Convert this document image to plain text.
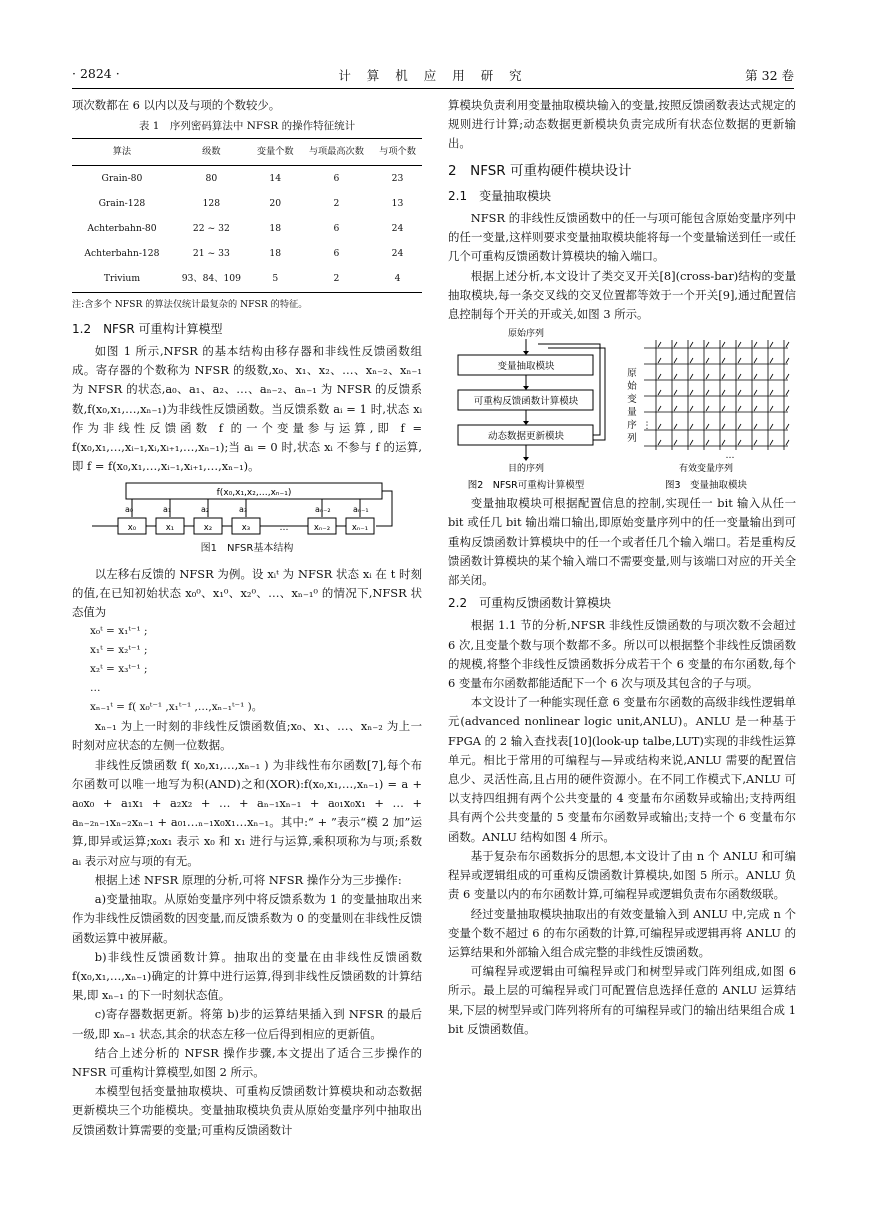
· 2824 ·	计 算 机 应 用 研 究	第 32 卷

项次数都在 6 以内以及与项的个数较少。

表 1　序列密码算法中 NFSR 的操作特征统计
算法	级数	变量个数	与项最高次数	与项个数
Grain-80	80	14	6	23
Grain-128	128	20	2	13
Achterbahn-80	22 ~ 32	18	6	24
Achterbahn-128	21 ~ 33	18	6	24
Trivium	93、84、109	5	2	4
注:含多个 NFSR 的算法仅统计最复杂的 NFSR 的特征。
1.2　NFSR 可重构计算模型

如图 1 所示,NFSR 的基本结构由移存器和非线性反馈函数组成。寄存器的个数称为 NFSR 的级数,x₀、x₁、x₂、…、xₙ₋₂、xₙ₋₁ 为 NFSR 的状态,a₀、a₁、a₂、…、aₙ₋₂、aₙ₋₁ 为 NFSR 的反馈系数,f(x₀,x₁,…,xₙ₋₁)为非线性反馈函数。当反馈系数 aᵢ = 1 时,状态 xᵢ 作为非线性反馈函数 f 的一个变量参与运算,即 f = f(x₀,x₁,…,xᵢ₋₁,xᵢ,xᵢ₊₁,…,xₙ₋₁);当 aᵢ = 0 时,状态 xᵢ 不参与 f 的运算,即 f = f(x₀,x₁,…,xᵢ₋₁,xᵢ₊₁,…,xₙ₋₁)。

f(x₀,x₁,x₂,…,xₙ₋₁)
a₀
x₀
a₁
x₁
a₂
x₂
a₃
x₃
aₙ₋₂
xₙ₋₂
aₙ₋₁
xₙ₋₁
…
图1　NFSR基本结构

以左移右反馈的 NFSR 为例。设 xᵢᵗ 为 NFSR 状态 xᵢ 在 t 时刻的值,在已知初始状态 x₀⁰、x₁⁰、x₂⁰、…、xₙ₋₁⁰ 的情况下,NFSR 状态值为

x₀ᵗ = x₁ᵗ⁻¹ ;
x₁ᵗ = x₂ᵗ⁻¹ ;
x₂ᵗ = x₃ᵗ⁻¹ ;
…
xₙ₋₁ᵗ = f( x₀ᵗ⁻¹ ,x₁ᵗ⁻¹ ,…,xₙ₋₁ᵗ⁻¹ )。

xₙ₋₁ 为上一时刻的非线性反馈函数值;x₀、x₁、…、xₙ₋₂ 为上一时刻对应状态的左侧一位数据。

非线性反馈函数 f( x₀,x₁,…,xₙ₋₁ ) 为非线性布尔函数[7],每个布尔函数可以唯一地写为积(AND)之和(XOR):f(x₀,x₁,…,xₙ₋₁) = a + a₀x₀ + a₁x₁ + a₂x₂ + … + aₙ₋₁xₙ₋₁ + a₀₁x₀x₁ + … + aₙ₋₂ₙ₋₁xₙ₋₂xₙ₋₁ + a₀₁…ₙ₋₁x₀x₁…xₙ₋₁。其中:“ + ”表示“模 2 加”运算,即异或运算;x₀x₁ 表示 x₀ 和 x₁ 进行与运算,乘积项称为与项;系数 aᵢ 表示对应与项的有无。

根据上述 NFSR 原理的分析,可将 NFSR 操作分为三步操作:

a)变量抽取。从原始变量序列中将反馈系数为 1 的变量抽取出来作为非线性反馈函数的因变量,而反馈系数为 0 的变量则在非线性反馈函数运算中被屏蔽。

b)非线性反馈函数计算。抽取出的变量在由非线性反馈函数 f(x₀,x₁,…,xₙ₋₁)确定的计算中进行运算,得到非线性反馈函数的计算结果,即 xₙ₋₁ 的下一时刻状态值。

c)寄存器数据更新。将第 b)步的运算结果插入到 NFSR 的最后一级,即 xₙ₋₁ 状态,其余的状态左移一位后得到相应的更新值。

结合上述分析的 NFSR 操作步骤,本文提出了适合三步操作的 NFSR 可重构计算模型,如图 2 所示。

本模型包括变量抽取模块、可重构反馈函数计算模块和动态数据更新模块三个功能模块。变量抽取模块负责从原始变量序列中抽取出反馈函数计算需要的变量;可重构反馈函数计

算模块负责利用变量抽取模块输入的变量,按照反馈函数表达式规定的规则进行计算;动态数据更新模块负责完成所有状态位数据的更新输出。

2　NFSR 可重构硬件模块设计
2.1　变量抽取模块

NFSR 的非线性反馈函数中的任一与项可能包含原始变量序列中的任一变量,这样则要求变量抽取模块能将每一个变量输送到任一或任几个可重构反馈函数计算模块的输入端口。

根据上述分析,本文设计了类交叉开关[8](cross-bar)结构的变量抽取模块,每一条交叉线的交叉位置都等效于一个开关[9],通过配置信息控制每个开关的开或关,如图 3 所示。

原始序列
变量抽取模块
可重构反馈函数计算模块
动态数据更新模块
目的序列
图2　NFSR可重构计算模型
原
始
变
量
序
列
⋮
…
有效变量序列
图3　变量抽取模块

变量抽取模块可根据配置信息的控制,实现任一 bit 输入从任一 bit 或任几 bit 输出端口输出,即原始变量序列中的任一变量输出到可重构反馈函数计算模块中的任一个或者任几个输入端口。若是重构反馈函数计算模块的某个输入端口不需要变量,则与该端口对应的开关全部关闭。

2.2　可重构反馈函数计算模块

根据 1.1 节的分析,NFSR 非线性反馈函数的与项次数不会超过 6 次,且变量个数与项个数都不多。所以可以根据整个非线性反馈函数的规模,将整个非线性反馈函数拆分成若干个 6 变量的布尔函数,每个 6 变量布尔函数都能适配下一个 6 次与项及其包含的子与项。

本文设计了一种能实现任意 6 变量布尔函数的高级非线性逻辑单元(advanced nonlinear logic unit,ANLU)。ANLU 是一种基于 FPGA 的 2 输入查找表[10](look-up talbe,LUT)实现的非线性运算单元。相比于常用的可编程与—异或结构来说,ANLU 需要的配置信息少、灵活性高,且占用的硬件资源小。在不同工作模式下,ANLU 可以支持四组拥有两个公共变量的 4 变量布尔函数异或输出;支持两组具有两个公共变量的 5 变量布尔函数异或输出;支持一个 6 变量布尔函数。ANLU 结构如图 4 所示。

基于复杂布尔函数拆分的思想,本文设计了由 n 个 ANLU 和可编程异或逻辑组成的可重构反馈函数计算模块,如图 5 所示。ANLU 负责 6 变量以内的布尔函数计算,可编程异或逻辑负责布尔函数级联。

经过变量抽取模块抽取出的有效变量输入到 ANLU 中,完成 n 个变量个数不超过 6 的布尔函数的计算,可编程异或逻辑再将 ANLU 的运算结果和外部输入组合成完整的非线性反馈函数。

可编程异或逻辑由可编程异或门和树型异或门阵列组成,如图 6 所示。最上层的可编程异或门可配置信息选择任意的 ANLU 运算结果,下层的树型异或门阵列将所有的可编程异或门的输出结果组合成 1 bit 反馈函数值。
